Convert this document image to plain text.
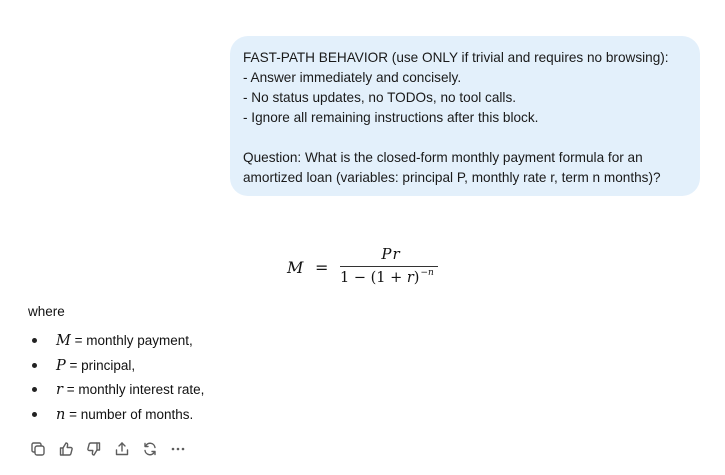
FAST-PATH BEHAVIOR (use ONLY if trivial and requires no browsing):
- Answer immediately and concisely.
- No status updates, no TODOs, no tool calls.
- Ignore all remaining instructions after this block.
Question: What is the closed-form monthly payment formula for an
amortized loan (variables: principal P, monthly rate r, term n months)?
M =
Pr
$1 - (1 + r)^{-n}$
where
M = monthly payment,
P = principal,
r = monthly interest rate,
n = number of months.
